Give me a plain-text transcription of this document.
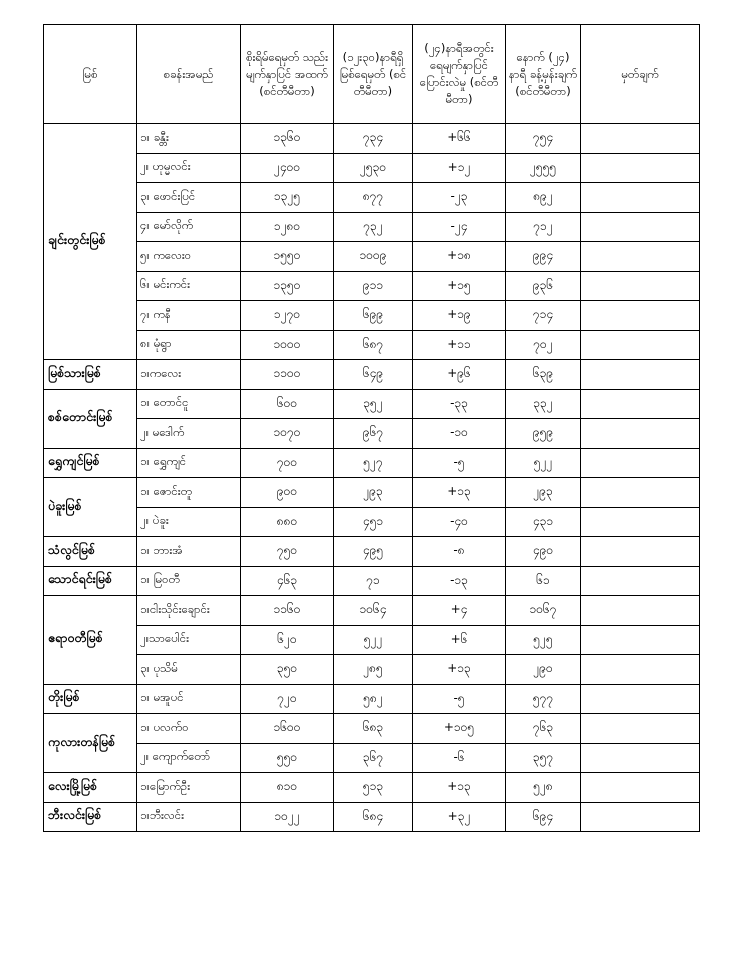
မြစ်	စခန်းအမည်	စိုးရိမ်ရေမှတ် သည်းမျက်နှာပြင် အထက် (စင်တီမီတာ)	(၁၂း၃၀)နာရီရှိ မြစ်ရေမှတ် (စင်တီမီတာ)	(၂၄)နာရီအတွင်း ရေမျက်နှာပြင် ပြောင်းလဲမှု (စင်တီမီတာ)	နောက် (၂၄) နာရီ ခန့်မှန်းချက် (စင်တီမီတာ)	မှတ်ချက်
ချင်းတွင်းမြစ်	၁။ ခန္တီး	၁၃၆၀	၇၃၄	+၆၆	၇၅၄	
	၂။ ဟုမ္မလင်း	၂၄၀၀	၂၅၃၀	+၁၂	၂၅၅၅	
	၃။ ဖောင်းပြင်	၁၃၂၅	၈၇၇	-၂၃	၈၉၂	
	၄။ မော်လိုက်	၁၂၈၀	၇၃၂	-၂၄	၇၁၂	
	၅။ ကလေးဝ	၁၅၅၀	၁၀၀၉	+၁၈	၉၉၄	
	၆။ မင်းကင်း	၁၃၅၀	၉၁၁	+၁၅	၉၃၆	
	၇။ ကနီ	၁၂၇၀	၆၉၉	+၁၉	၇၁၄	
	၈။ မုံရွာ	၁၀၀၀	၆၈၇	+၁၁	၇၀၂	
မြစ်သားမြစ်	၁။ကလေး	၁၁၀၀	၆၄၉	+၉၆	၆၃၉	
စစ်တောင်းမြစ်	၁။ တောင်ငူ	၆၀၀	၃၅၂	-၃၃	၃၃၂	
	၂။ မဒေါက်	၁၀၇၀	၉၆၇	-၁၀	၉၅၉	
ရွှေကျင်မြစ်	၁။ ရွှေကျင်	၇၀၀	၅၂၇	-၅	၅၂၂	
ပဲခူးမြစ်	၁။ ဇောင်းတူ	၉၀၀	၂၉၃	+၁၃	၂၉၃	
	၂။ ပဲခူး	၈၈၀	၄၅၁	-၄၀	၄၃၁	
သံလွင်မြစ်	၁။ ဘားအံ	၇၅၀	၄၉၅	-၈	၄၉၀	
သောင်ရင်းမြစ်	၁။ မြဝတီ	၄၆၃	၇၁	-၁၃	၆၁	
ဧရာဝတီမြစ်	၁။ငါးသိုင်းချောင်း	၁၁၆၀	၁၀၆၄	+၄	၁၀၆၇	
	၂။သာပေါင်း	၆၂၀	၅၂၂	+၆	၅၂၅	
	၃။ ပုသိမ်	၃၅၀	၂၈၅	+၁၃	၂၉၀	
တိုးမြစ်	၁။ မအူပင်	၇၂၀	၅၈၂	-၅	၅၇၇	
ကုလားတန်မြစ်	၁။ ပလက်ဝ	၁၆၀၀	၆၈၃	+၁၀၅	၇၆၃	
	၂။ ကျောက်တော်	၅၅၀	၃၆၇	-၆	၃၅၇	
လေးမြို့မြစ်	၁။မြောက်ဦး	၈၁၀	၅၁၃	+၁၃	၅၂၈	
ဘီးလင်းမြစ်	၁။ဘီးလင်း	၁၀၂၂	၆၈၄	+၃၂	၆၉၄	
